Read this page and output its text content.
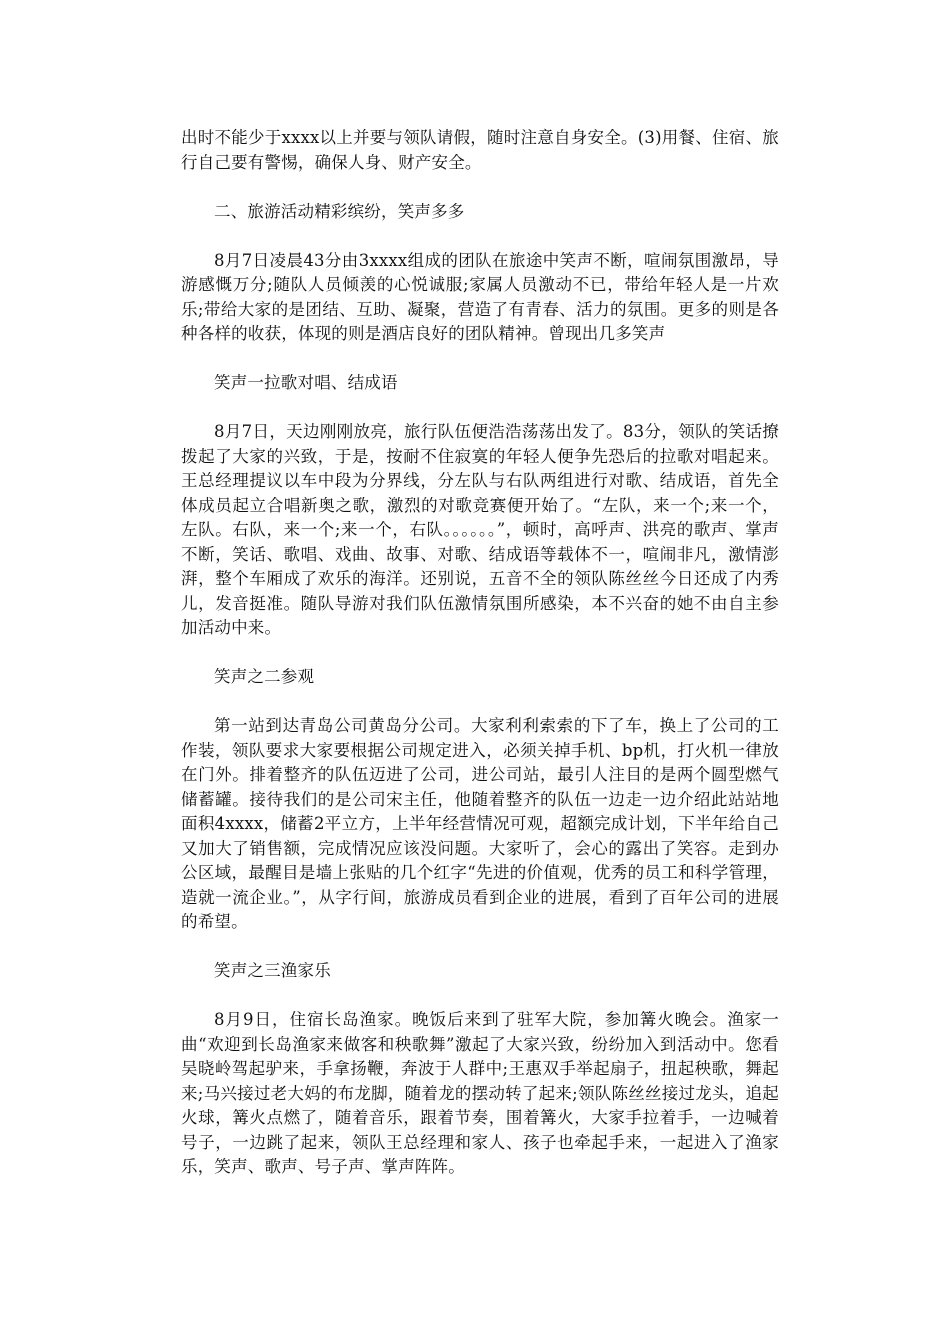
出时不能少于xxxx以上并要与领队请假，随时注意自身安全。(3)用餐、住宿、旅行自己要有警惕，确保人身、财产安全。

二、旅游活动精彩缤纷，笑声多多

8月7日凌晨43分由3xxxx组成的团队在旅途中笑声不断，喧闹氛围激昂，导游感慨万分;随队人员倾羡的心悦诚服;家属人员激动不已，带给年轻人是一片欢乐;带给大家的是团结、互助、凝聚，营造了有青春、活力的氛围。更多的则是各种各样的收获，体现的则是酒店良好的团队精神。曾现出几多笑声

笑声一拉歌对唱、结成语

8月7日，天边刚刚放亮，旅行队伍便浩浩荡荡出发了。83分，领队的笑话撩拨起了大家的兴致，于是，按耐不住寂寞的年轻人便争先恐后的拉歌对唱起来。王总经理提议以车中段为分界线，分左队与右队两组进行对歌、结成语，首先全体成员起立合唱新奥之歌，激烈的对歌竞赛便开始了。“左队，来一个;来一个，左队。右队，来一个;来一个，右队。。。。。。”，顿时，高呼声、洪亮的歌声、掌声不断，笑话、歌唱、戏曲、故事、对歌、结成语等载体不一，喧闹非凡，激情澎湃，整个车厢成了欢乐的海洋。还别说，五音不全的领队陈丝丝今日还成了内秀儿，发音挺准。随队导游对我们队伍激情氛围所感染，本不兴奋的她不由自主参加活动中来。

笑声之二参观

第一站到达青岛公司黄岛分公司。大家利利索索的下了车，换上了公司的工作装，领队要求大家要根据公司规定进入，必须关掉手机、bp机，打火机一律放在门外。排着整齐的队伍迈进了公司，进公司站，最引人注目的是两个圆型燃气储蓄罐。接待我们的是公司宋主任，他随着整齐的队伍一边走一边介绍此站站地面积4xxxx，储蓄2平立方，上半年经营情况可观，超额完成计划，下半年给自己又加大了销售额，完成情况应该没问题。大家听了，会心的露出了笑容。走到办公区域，最醒目是墙上张贴的几个红字“先进的价值观，优秀的员工和科学管理，造就一流企业。”，从字行间，旅游成员看到企业的进展，看到了百年公司的进展的希望。

笑声之三渔家乐

8月9日，住宿长岛渔家。晚饭后来到了驻军大院，参加篝火晚会。渔家一曲“欢迎到长岛渔家来做客和秧歌舞”激起了大家兴致，纷纷加入到活动中。您看吴晓岭驾起驴来，手拿扬鞭，奔波于人群中;王惠双手举起扇子，扭起秧歌，舞起来;马兴接过老大妈的布龙脚，随着龙的摆动转了起来;领队陈丝丝接过龙头，追起火球，篝火点燃了，随着音乐，跟着节奏，围着篝火，大家手拉着手，一边喊着号子，一边跳了起来，领队王总经理和家人、孩子也牵起手来，一起进入了渔家乐，笑声、歌声、号子声、掌声阵阵。
